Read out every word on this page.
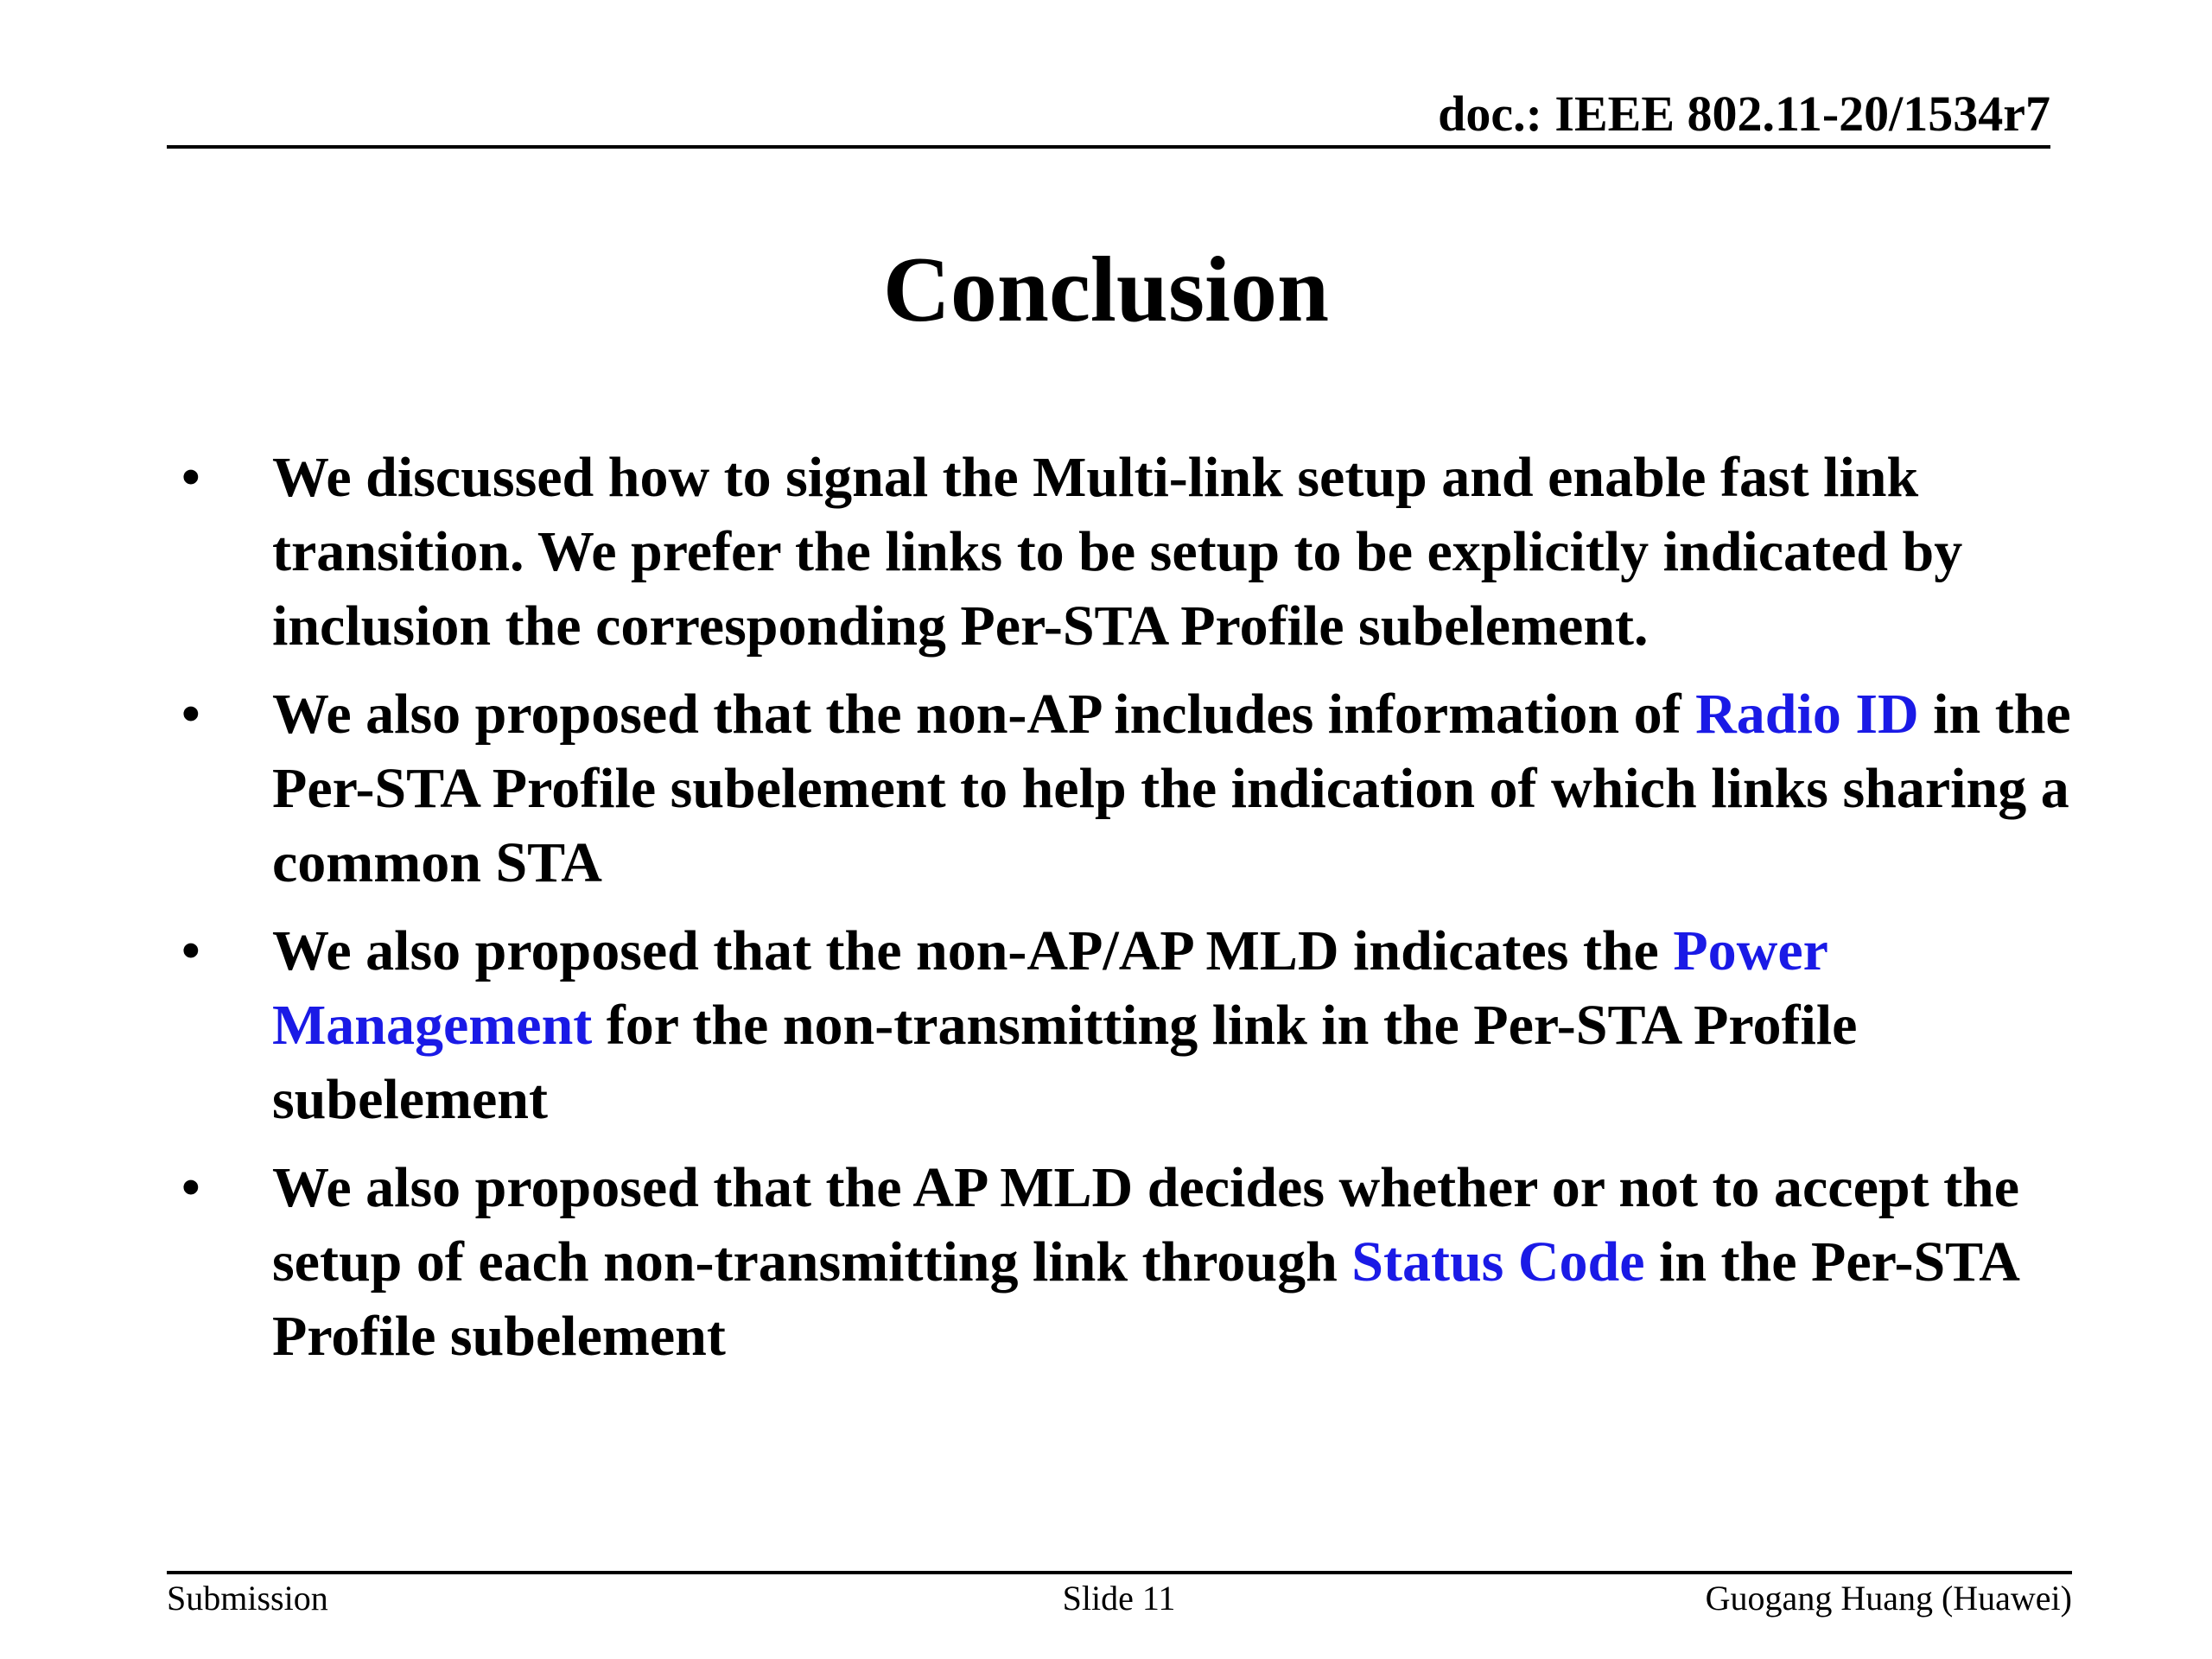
doc.: IEEE 802.11-20/1534r7
Conclusion
•	We discussed how to signal the Multi-link setup and enable fast link transition. We prefer the links to be setup to be explicitly indicated by inclusion the corresponding Per-STA Profile subelement.
•	We also proposed that the non-AP includes information of Radio ID in the Per-STA Profile subelement to help the indication of which links sharing a common STA
•	We also proposed that the non-AP/AP MLD indicates the Power Management for the non-transmitting link in the Per-STA Profile subelement
•	We also proposed that the AP MLD decides whether or not to accept the setup of each non-transmitting link through Status Code in the Per-STA Profile subelement
Submission	Slide 11	Guogang Huang (Huawei)
